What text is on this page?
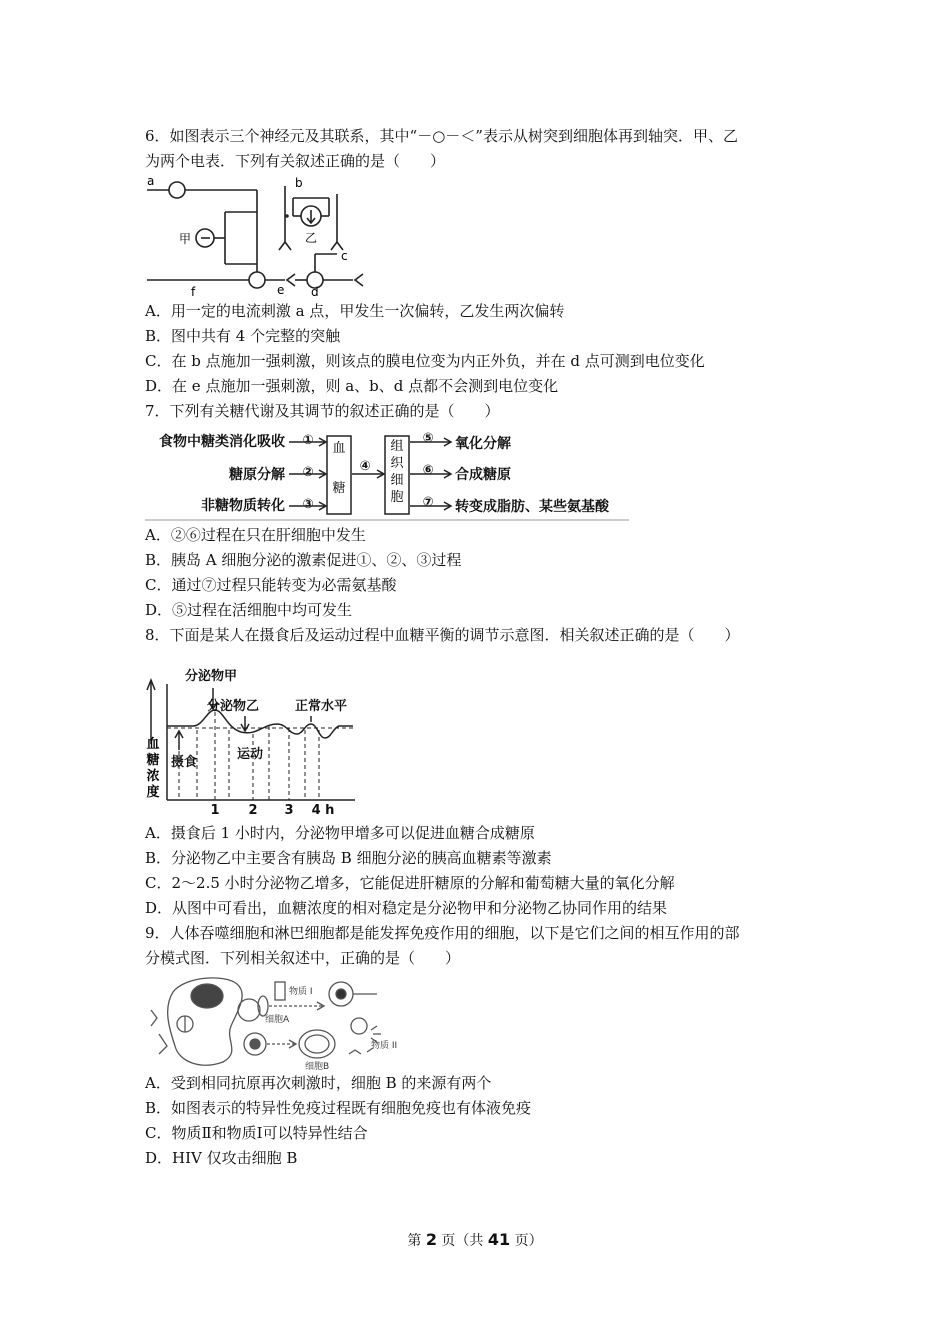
6．如图表示三个神经元及其联系，其中“－○－＜”表示从树突到细胞体再到轴突．甲、乙
为两个电表．下列有关叙述正确的是（　　）
a	b
c
d
e
f
甲	乙
A．用一定的电流刺激 a 点，甲发生一次偏转，乙发生两次偏转
B．图中共有 4 个完整的突触
C．在 b 点施加一强刺激，则该点的膜电位变为内正外负，并在 d 点可测到电位变化
D．在 e 点施加一强刺激，则 a、b、d 点都不会测到电位变化
7．下列有关糖代谢及其调节的叙述正确的是（　　）
食物中糖类消化吸收
糖原分解
非糖物质转化
①
②
③
④
⑤
⑥
⑦
氧化分解
合成糖原
转变成脂肪、某些氨基酸
血糖
组织细胞
A．②⑥过程在只在肝细胞中发生
B．胰岛 A 细胞分泌的激素促进①、②、③过程
C．通过⑦过程只能转变为必需氨基酸
D．⑤过程在活细胞中均可发生
8．下面是某人在摄食后及运动过程中血糖平衡的调节示意图．相关叙述正确的是（　　）
分泌物甲
分泌物乙	正常水平
摄食
运动
1 2 3 4 h
血糖浓度
A．摄食后 1 小时内，分泌物甲增多可以促进血糖合成糖原
B．分泌物乙中主要含有胰岛 B 细胞分泌的胰高血糖素等激素
C．2～2.5 小时分泌物乙增多，它能促进肝糖原的分解和葡萄糖大量的氧化分解
D．从图中可看出，血糖浓度的相对稳定是分泌物甲和分泌物乙协同作用的结果
9．人体吞噬细胞和淋巴细胞都是能发挥免疫作用的细胞，以下是它们之间的相互作用的部
分模式图．下列相关叙述中，正确的是（　　）
细胞A
细胞B
物质 I
物质 II
A．受到相同抗原再次刺激时，细胞 B 的来源有两个
B．如图表示的特异性免疫过程既有细胞免疫也有体液免疫
C．物质Ⅱ和物质Ⅰ可以特异性结合
D．HIV 仅攻击细胞 B
第 2 页（共 41 页）
